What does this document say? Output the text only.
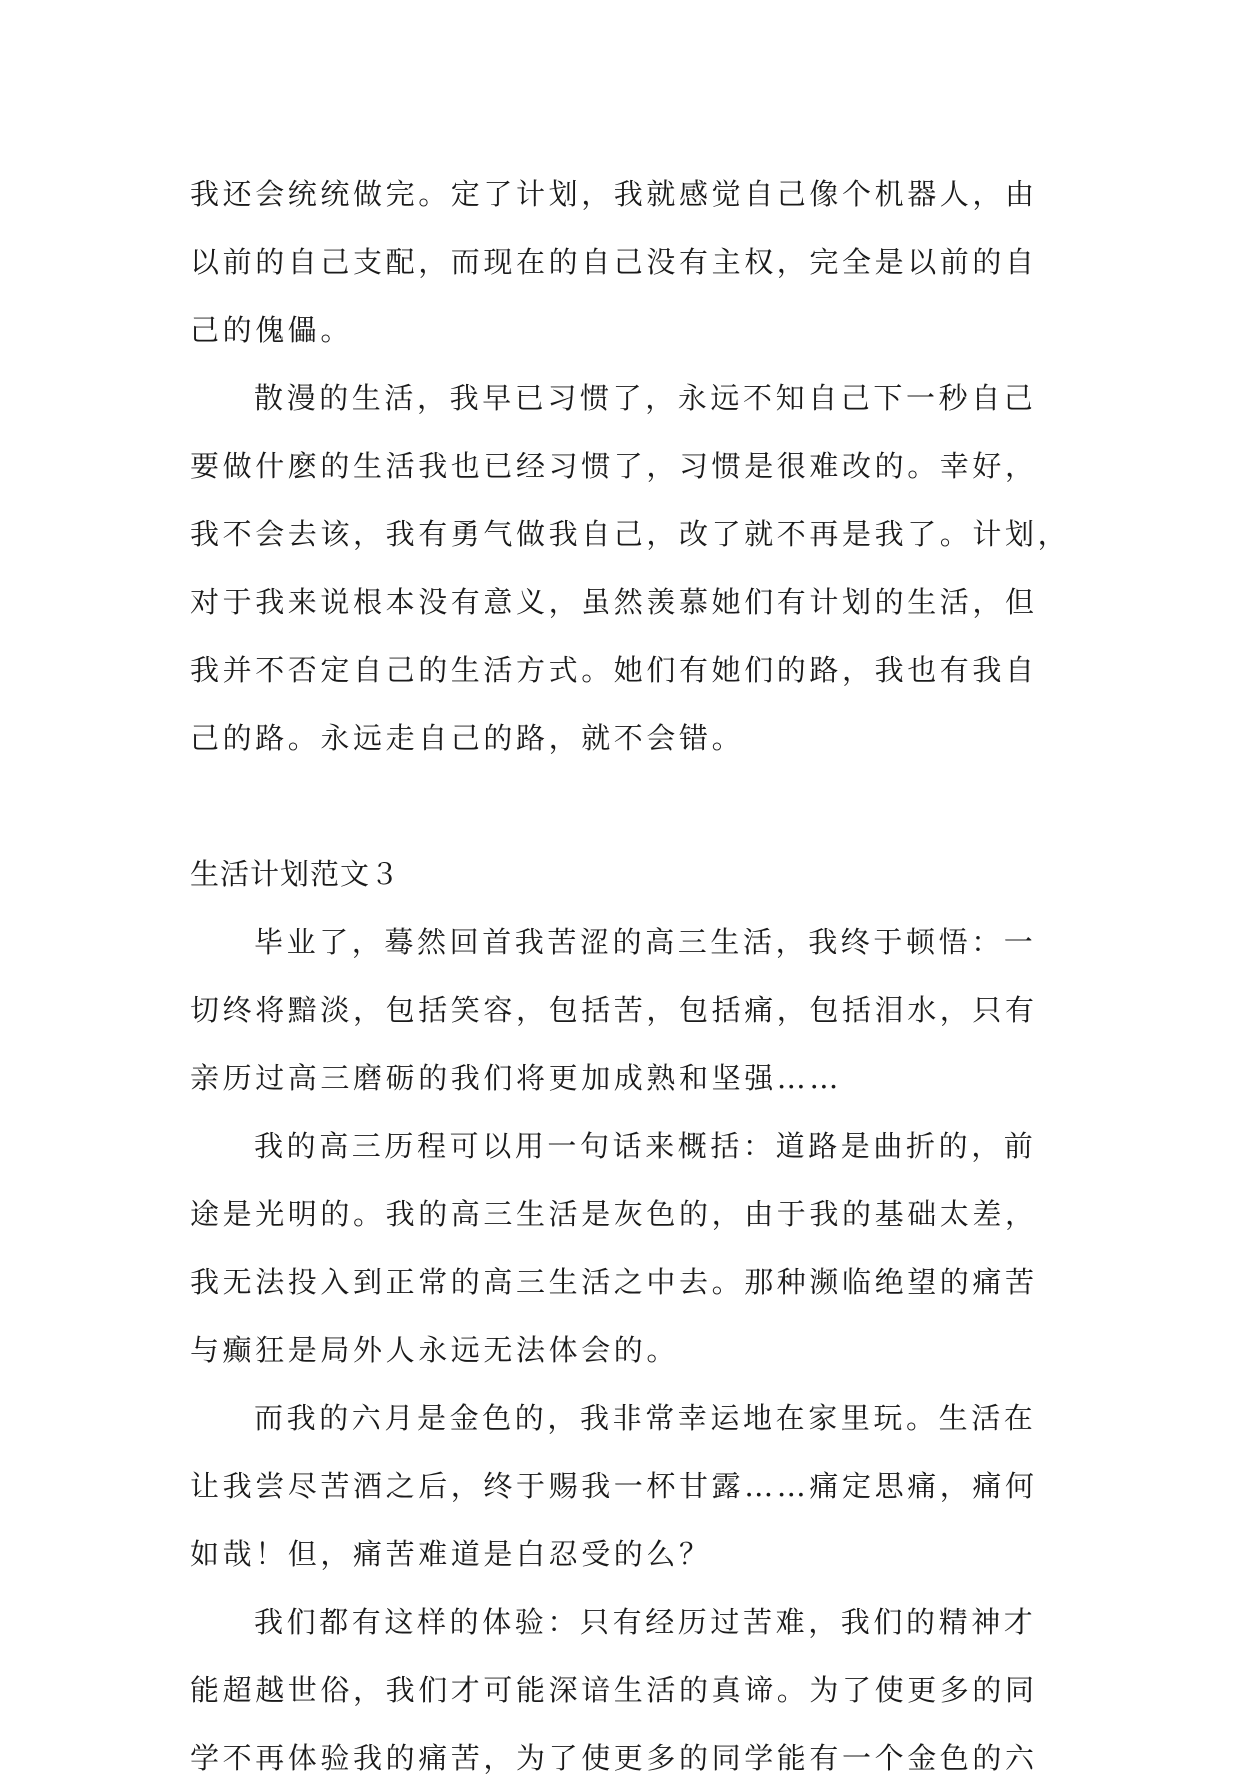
我还会统统做完。定了计划，我就感觉自己像个机器人，由
以前的自己支配，而现在的自己没有主权，完全是以前的自
己的傀儡。
散漫的生活，我早已习惯了，永远不知自己下一秒自己
要做什麽的生活我也已经习惯了，习惯是很难改的。幸好，
我不会去该，我有勇气做我自己，改了就不再是我了。计划，
对于我来说根本没有意义，虽然羡慕她们有计划的生活，但
我并不否定自己的生活方式。她们有她们的路，我也有我自
己的路。永远走自己的路，就不会错。
生活计划范文３
毕业了，蓦然回首我苦涩的高三生活，我终于顿悟：一
切终将黯淡，包括笑容，包括苦，包括痛，包括泪水，只有
亲历过高三磨砺的我们将更加成熟和坚强……
我的高三历程可以用一句话来概括：道路是曲折的，前
途是光明的。我的高三生活是灰色的，由于我的基础太差，
我无法投入到正常的高三生活之中去。那种濒临绝望的痛苦
与癫狂是局外人永远无法体会的。
而我的六月是金色的，我非常幸运地在家里玩。生活在
让我尝尽苦酒之后，终于赐我一杯甘露……痛定思痛，痛何
如哉！但，痛苦难道是白忍受的么？
我们都有这样的体验：只有经历过苦难，我们的精神才
能超越世俗，我们才可能深谙生活的真谛。为了使更多的同
学不再体验我的痛苦，为了使更多的同学能有一个金色的六
